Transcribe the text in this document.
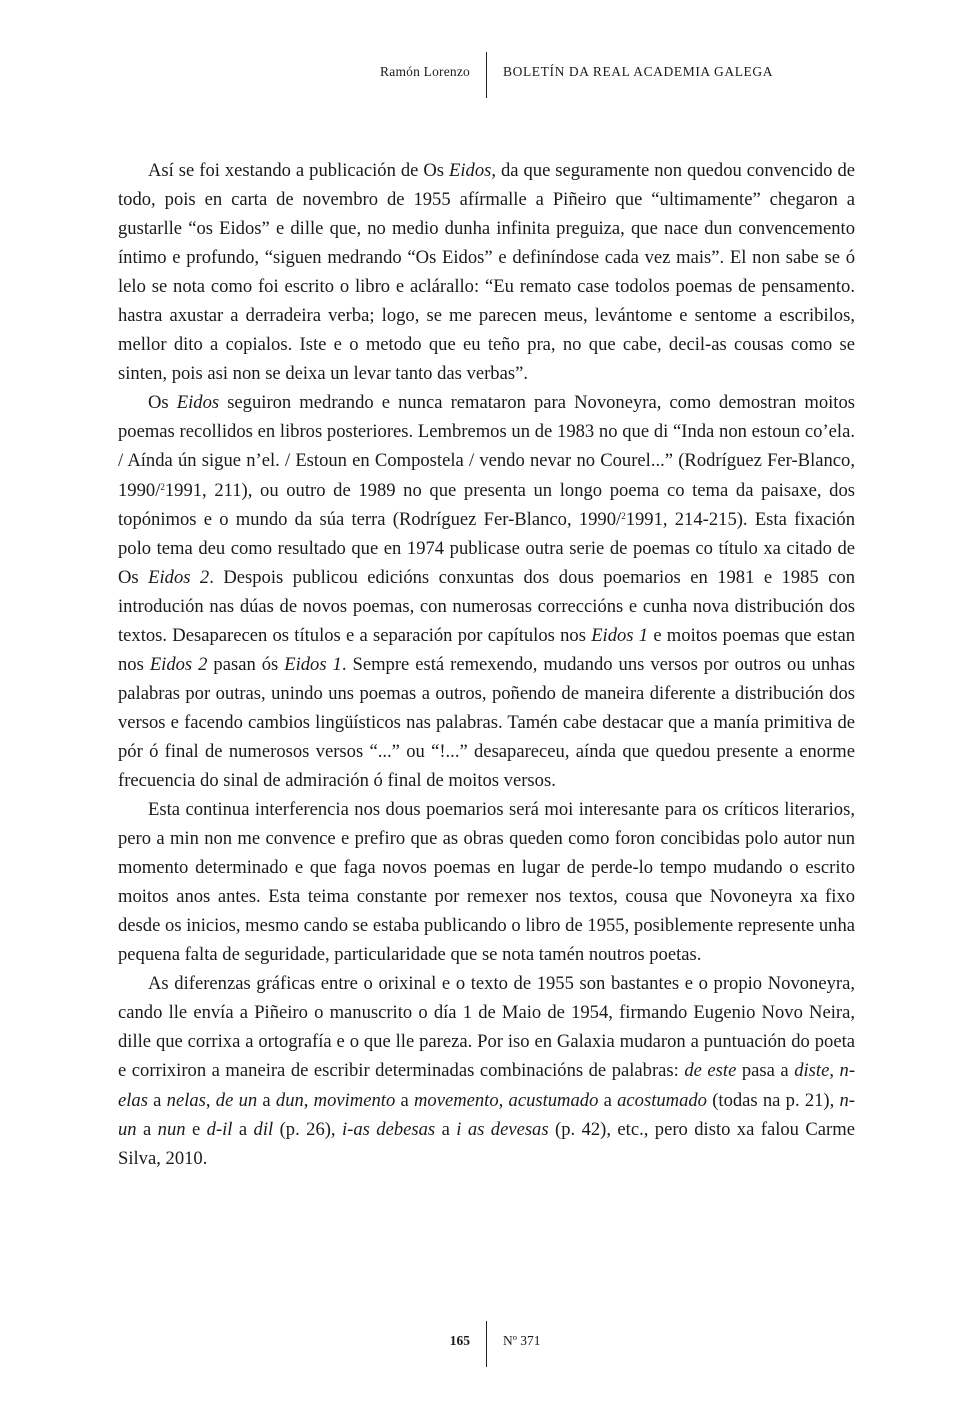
Ramón Lorenzo BOLETÍN DA REAL ACADEMIA GALEGA

Así se foi xestando a publicación de Os Eidos, da que seguramente non quedou convencido de todo, pois en carta de novembro de 1955 afírmalle a Piñeiro que “ultimamente” chegaron a gustarlle “os Eidos” e dille que, no medio dunha infinita preguiza, que nace dun convencemento íntimo e profundo, “siguen medrando “Os Eidos” e definíndose cada vez mais”. El non sabe se ó lelo se nota como foi escrito o libro e aclárallo: “Eu remato case todolos poemas de pensamento. hastra axustar a derradeira verba; logo, se me parecen meus, levántome e sentome a escribilos, mellor dito a copialos. Iste e o metodo que eu teño pra, no que cabe, decil-as cousas como se sinten, pois asi non se deixa un levar tanto das verbas”.

Os Eidos seguiron medrando e nunca remataron para Novoneyra, como demostran moitos poemas recollidos en libros posteriores. Lembremos un de 1983 no que di “Inda non estoun co’ela. / Aínda ún sigue n’el. / Estoun en Compostela / vendo nevar no Courel...” (Rodríguez Fer-Blanco, 1990/$^2$1991, 211), ou outro de 1989 no que presenta un longo poema co tema da paisaxe, dos topónimos e o mundo da súa terra (Rodríguez Fer-Blanco, 1990/$^2$1991, 214-215). Esta fixación polo tema deu como resultado que en 1974 publicase outra serie de poemas co título xa citado de Os Eidos 2. Despois publicou edicións conxuntas dos dous poemarios en 1981 e 1985 con introdución nas dúas de novos poemas, con numerosas correccións e cunha nova distribución dos textos. Desaparecen os títulos e a separación por capítulos nos Eidos 1 e moitos poemas que estan nos Eidos 2 pasan ós Eidos 1. Sempre está remexendo, mudando uns versos por outros ou unhas palabras por outras, unindo uns poemas a outros, poñendo de maneira diferente a distribución dos versos e facendo cambios lingüísticos nas palabras. Tamén cabe destacar que a manía primitiva de pór ó final de numerosos versos “...” ou “!...” desapareceu, aínda que quedou presente a enorme frecuencia do sinal de admiración ó final de moitos versos.

Esta continua interferencia nos dous poemarios será moi interesante para os críticos literarios, pero a min non me convence e prefiro que as obras queden como foron concibidas polo autor nun momento determinado e que faga novos poemas en lugar de perde-lo tempo mudando o escrito moitos anos antes. Esta teima constante por remexer nos textos, cousa que Novoneyra xa fixo desde os inicios, mesmo cando se estaba publicando o libro de 1955, posiblemente represente unha pequena falta de seguridade, particularidade que se nota tamén noutros poetas.

As diferenzas gráficas entre o orixinal e o texto de 1955 son bastantes e o propio Novoneyra, cando lle envía a Piñeiro o manuscrito o día 1 de Maio de 1954, firmando Eugenio Novo Neira, dille que corrixa a ortografía e o que lle pareza. Por iso en Galaxia mudaron a puntuación do poeta e corrixiron a maneira de escribir determinadas combinacións de palabras: de este pasa a diste, n-elas a nelas, de un a dun, movimento a movemento, acustumado a acostumado (todas na p. 21), n-un a nun e d-il a dil (p. 26), i-as debesas a i as devesas (p. 42), etc., pero disto xa falou Carme Silva, 2010.

165 Nº 371
